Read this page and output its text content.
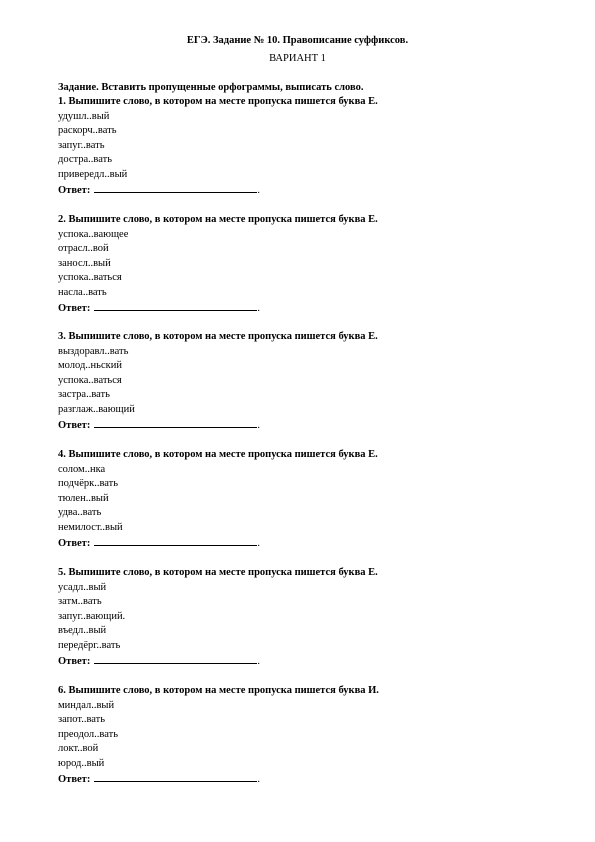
ЕГЭ. Задание № 10. Правописание суффиксов.
ВАРИАНТ 1
Задание. Вставить пропущенные орфограммы, выписать слово.
1. Выпишите слово, в котором на месте пропуска пишется буква Е.
удушл..вый
раскорч..вать
запуг..вать
достра..вать
привередл..вый
Ответ:	.
2. Выпишите слово, в котором на месте пропуска пишется буква Е.
успока..вающее
отрасл..вой
заносл..вый
успока..ваться
насла..вать
Ответ:	.
3. Выпишите слово, в котором на месте пропуска пишется буква Е.
выздоравл..вать
молод..ньский
успока..ваться
застра..вать
разглаж..вающий
Ответ:	.
4. Выпишите слово, в котором на месте пропуска пишется буква Е.
солом..нка
подчёрк..вать
тюлен..вый
удва..вать
немилост..вый
Ответ:	.
5. Выпишите слово, в котором на месте пропуска пишется буква Е.
усадл..вый
затм..вать
запуг..вающий.
въедл..вый
передёрг..вать
Ответ:	.
6. Выпишите слово, в котором на месте пропуска пишется буква И.
миндал..вый
запот..вать
преодол..вать
локт..вой
юрод..вый
Ответ:	.
